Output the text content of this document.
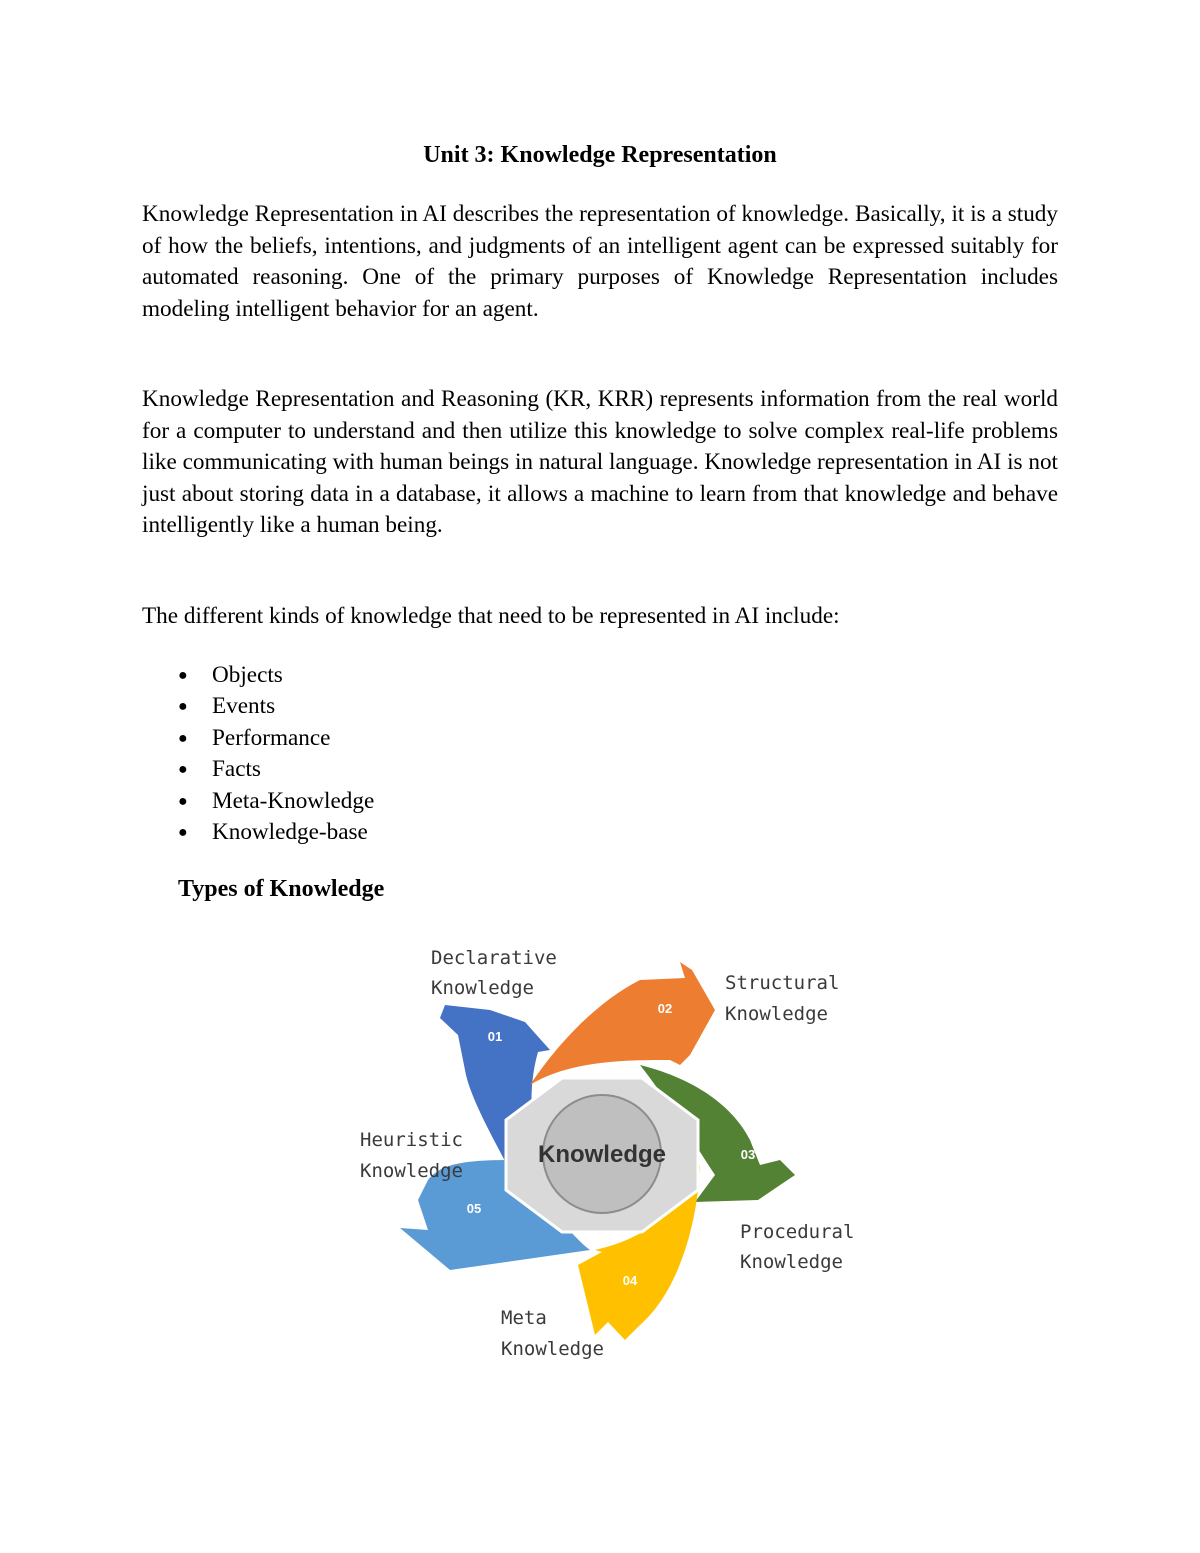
Unit 3: Knowledge Representation

Knowledge Representation in AI describes the representation of knowledge. Basically, it is a study of how the beliefs, intentions, and judgments of an intelligent agent can be expressed suitably for automated reasoning. One of the primary purposes of Knowledge Representation includes modeling intelligent behavior for an agent.

Knowledge Representation and Reasoning (KR, KRR) represents information from the real world for a computer to understand and then utilize this knowledge to solve complex real-life problems like communicating with human beings in natural language. Knowledge representation in AI is not just about storing data in a database, it allows a machine to learn from that knowledge and behave intelligently like a human being.

The different kinds of knowledge that need to be represented in AI include:

● Objects
● Events
● Performance
● Facts
● Meta-Knowledge
● Knowledge-base
Types of Knowledge
Knowledge
01
02
03
04
05
Declarative
Knowledge	Structural
Knowledge
Procedural
Knowledge
Meta
Knowledge
Heuristic
Knowledge
